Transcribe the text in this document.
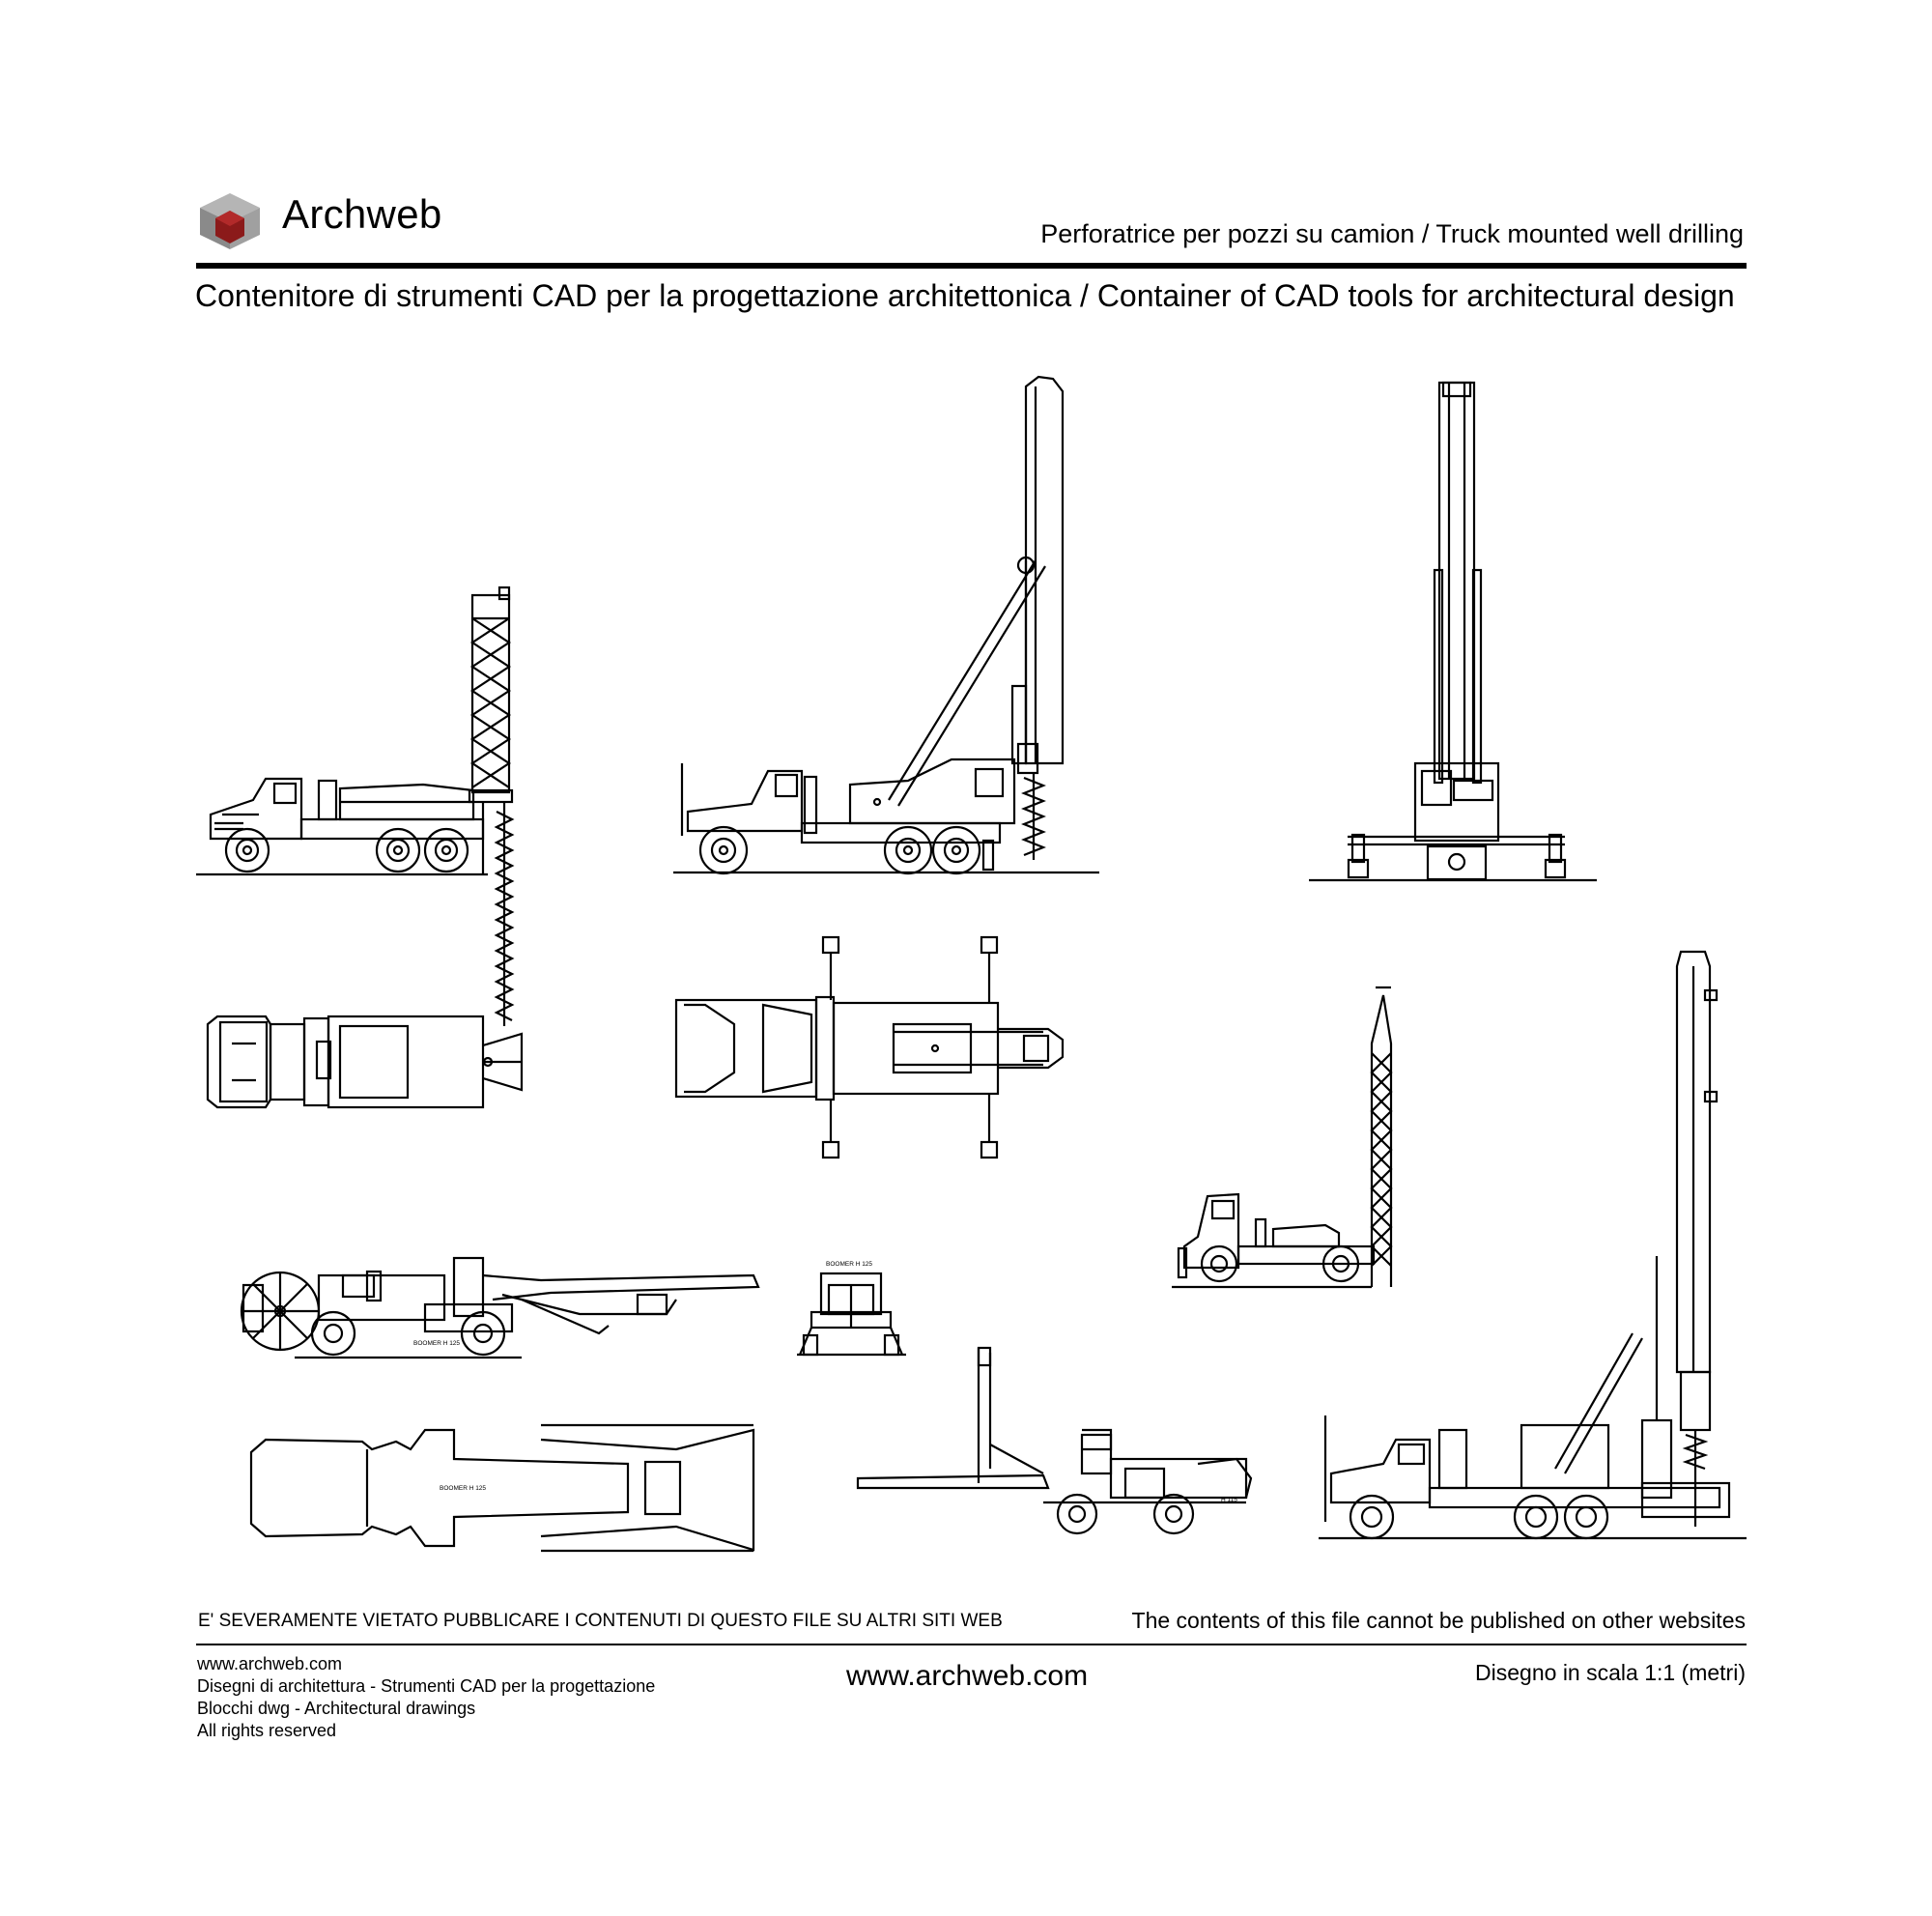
Archweb	Perforatrice per pozzi su camion / Truck mounted well drilling
Contenitore di strumenti CAD per la progettazione architettonica / Container of CAD tools for architectural design
BOOMER H 125
BOOMER H 125
BOOMER H 125
H 115
E' SEVERAMENTE VIETATO PUBBLICARE I CONTENUTI DI QUESTO FILE SU ALTRI SITI WEB	The contents of this file cannot be published on other websites
www.archweb.com
Disegni di architettura - Strumenti CAD per la progettazione
Blocchi dwg - Architectural drawings
All rights reserved
www.archweb.com	Disegno in scala 1:1 (metri)
